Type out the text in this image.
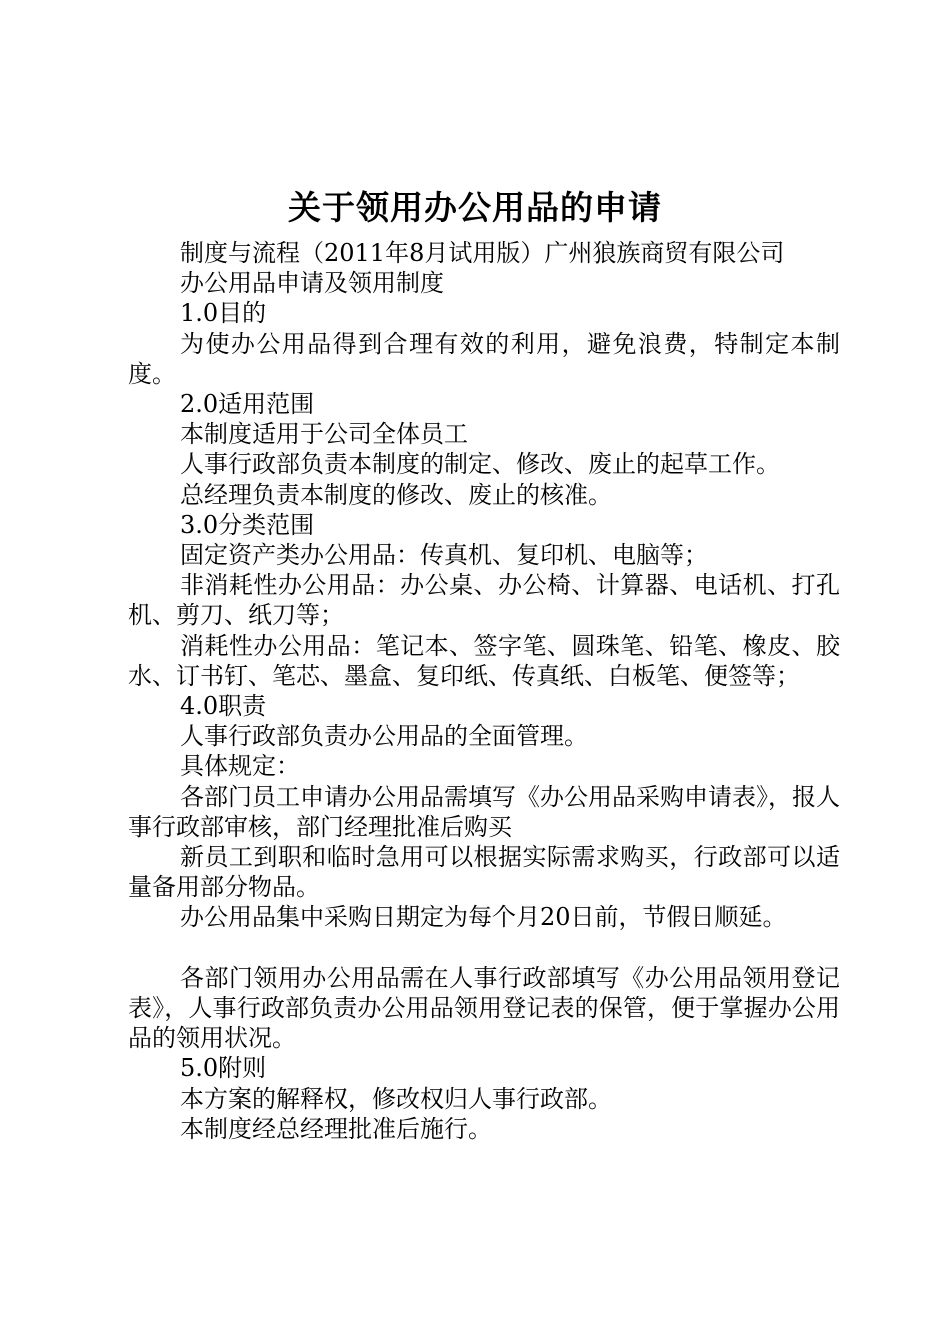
关于领用办公用品的申请

制度与流程（2011年8月试用版）广州狼族商贸有限公司

办公用品申请及领用制度

1.0目的

为使办公用品得到合理有效的利用，避免浪费，特制定本制度。

2.0适用范围

本制度适用于公司全体员工

人事行政部负责本制度的制定、修改、废止的起草工作。

总经理负责本制度的修改、废止的核准。

3.0分类范围

固定资产类办公用品：传真机、复印机、电脑等；

非消耗性办公用品：办公桌、办公椅、计算器、电话机、打孔机、剪刀、纸刀等；

消耗性办公用品：笔记本、签字笔、圆珠笔、铅笔、橡皮、胶水、订书钉、笔芯、墨盒、复印纸、传真纸、白板笔、便签等；

4.0职责

人事行政部负责办公用品的全面管理。

具体规定：

各部门员工申请办公用品需填写《办公用品采购申请表》，报人事行政部审核，部门经理批准后购买

新员工到职和临时急用可以根据实际需求购买，行政部可以适量备用部分物品。

办公用品集中采购日期定为每个月20日前，节假日顺延。

各部门领用办公用品需在人事行政部填写《办公用品领用登记表》，人事行政部负责办公用品领用登记表的保管，便于掌握办公用品的领用状况。

5.0附则

本方案的解释权，修改权归人事行政部。

本制度经总经理批准后施行。
